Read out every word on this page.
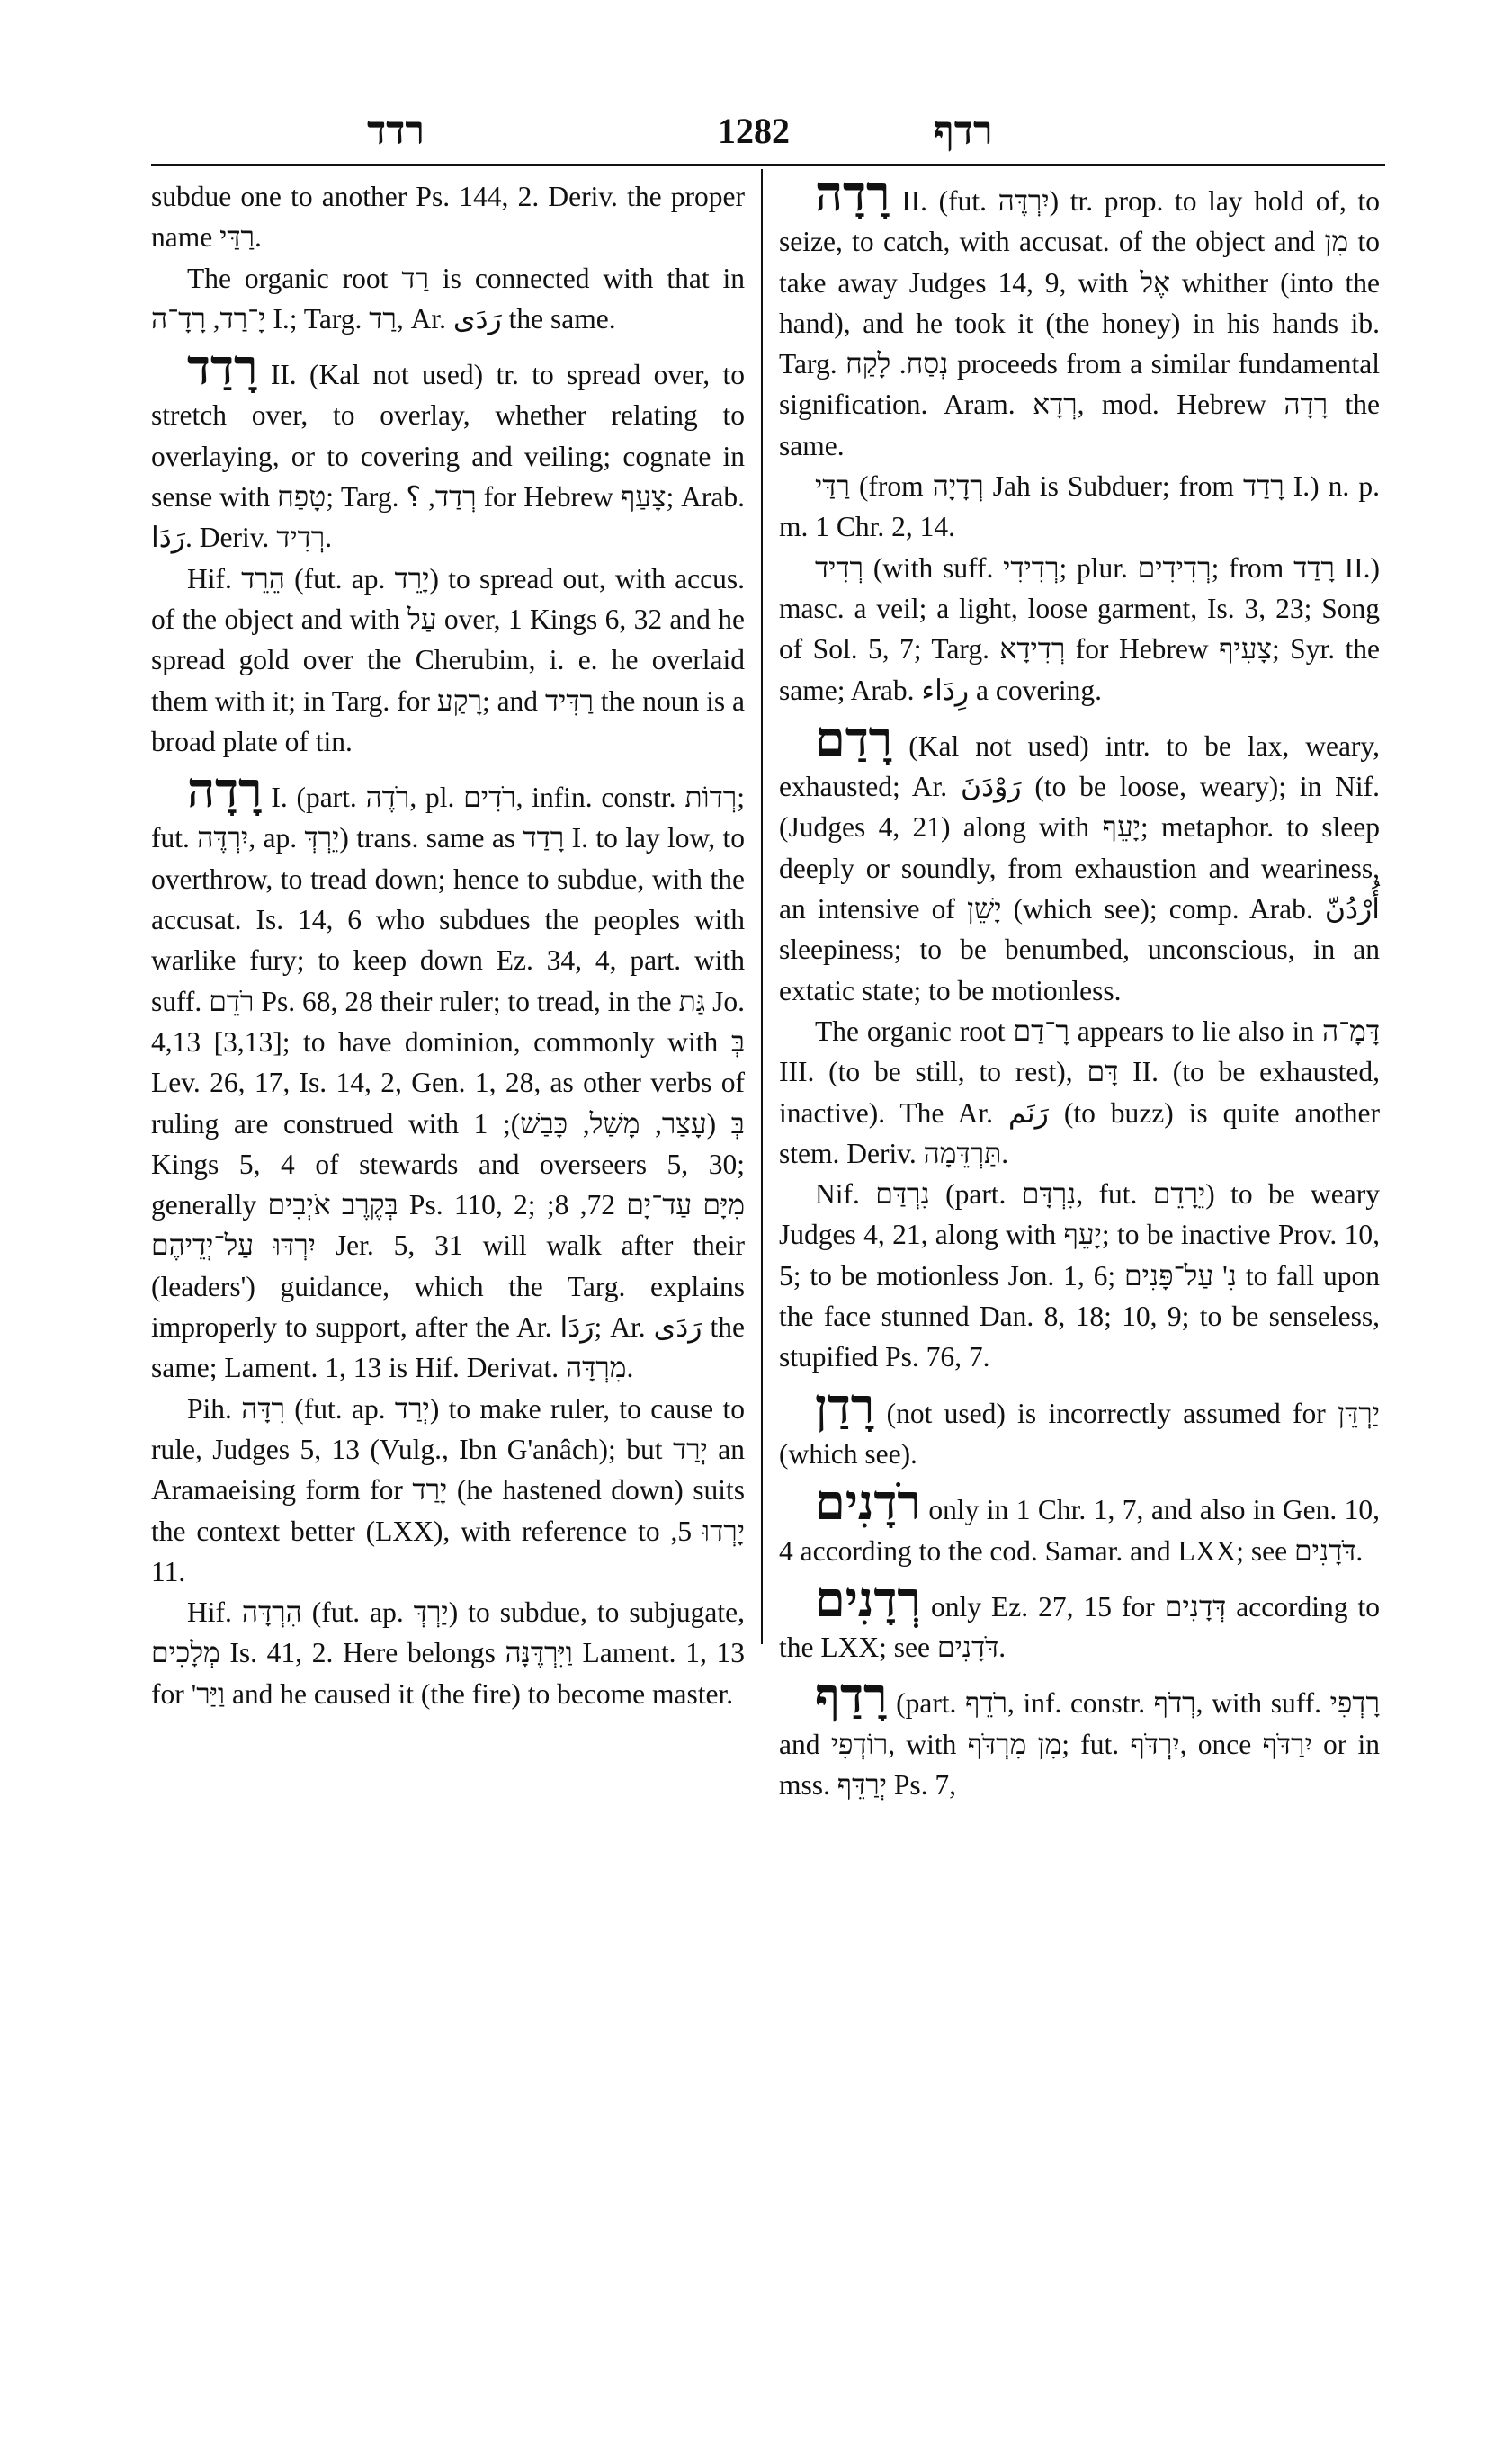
רדד	1282	רדף

subdue one to another Ps. 144, 2. Deriv. the proper name רַדַּי.

The organic root רַד is connected with that in יָ־רַד, רָדָ־ה I.; Targ. רַד, Ar. رَدَى the same.

רָדַד II. (Kal not used) tr. to spread over, to stretch over, to overlay, whether relating to overlaying, or to covering and veiling; cognate in sense with טָפַח; Targ. רְדַד, ؟ for Hebrew צָעַף; Arab. رَدَا. Deriv. רְדִיד.

Hif. הֵרֵד (fut. ap. יָרֵד) to spread out, with accus. of the object and with עַל over, 1 Kings 6, 32 and he spread gold over the Cherubim, i. e. he overlaid them with it; in Targ. for רָקַע; and רַדִּיד the noun is a broad plate of tin.

רָדָה I. (part. רֹדֶה, pl. רֹדִים, infin. constr. רְדוֹת; fut. יִרְדֶּה, ap. יֵרְדְּ) trans. same as רָדַד I. to lay low, to overthrow, to tread down; hence to subdue, with the accusat. Is. 14, 6 who subdues the peoples with warlike fury; to keep down Ez. 34, 4, part. with suff. רֹדֵם Ps. 68, 28 their ruler; to tread, in the גַּת Jo. 4,13 [3,13]; to have dominion, commonly with בְּ Lev. 26, 17, Is. 14, 2, Gen. 1, 28, as other verbs of ruling are construed with בְּ (עָצַר, מָשַׁל, כָּבַשׁ); 1 Kings 5, 4 of stewards and overseers 5, 30; generally בְּקֶרֶב אֹיְבִים Ps. 110, 2; מִיָּם עַד־יָם 72, 8; יִרְדּוּ עַל־יְדֵיהֶם Jer. 5, 31 will walk after their (leaders') guidance, which the Targ. explains improperly to support, after the Ar. رَدَا; Ar. رَدَى the same; Lament. 1, 13 is Hif. Derivat. מִרְדָּה.

Pih. רִדָּה (fut. ap. יְרַד) to make ruler, to cause to rule, Judges 5, 13 (Vulg., Ibn G'anâch); but יְרַד an Aramaeising form for יָרַד (he hastened down) suits the context better (LXX), with reference to יָרְדוּ 5, 11.

Hif. הִרְדָּה (fut. ap. יַרְדְּ) to subdue, to subjugate, מְלָכִים Is. 41, 2. Here belongs וַיִּרְדֶּנָּה Lament. 1, 13 for 'וַיַּר and he caused it (the fire) to become master.

רָדָה II. (fut. יִרְדֶּה) tr. prop. to lay hold of, to seize, to catch, with accusat. of the object and מִן to take away Judges 14, 9, with אֶל whither (into the hand), and he took it (the honey) in his hands ib. Targ. נְסַח. לָקַח proceeds from a similar fundamental signification. Aram. רְדָא, mod. Hebrew רָדָה the same.

רַדַּי (from רְדָיָה Jah is Subduer; from רָדַד I.) n. p. m. 1 Chr. 2, 14.

רְדִיד (with suff. רְדִידִי; plur. רְדִידִים; from רָדַד II.) masc. a veil; a light, loose garment, Is. 3, 23; Song of Sol. 5, 7; Targ. רְדִידָא for Hebrew צָעִיף; Syr. the same; Arab. رِدَاء a covering.

רָדַם (Kal not used) intr. to be lax, weary, exhausted; Ar. رَوْدَنَ (to be loose, weary); in Nif. (Judges 4, 21) along with יָעֵף; metaphor. to sleep deeply or soundly, from exhaustion and weariness, an intensive of יָשֵׁן (which see); comp. Arab. أُرْدُنّ sleepiness; to be benumbed, unconscious, in an extatic state; to be motionless.

The organic root רָ־דַם appears to lie also in דָּמָ־ה III. (to be still, to rest), דָּם II. (to be exhausted, inactive). The Ar. رَنَم (to buzz) is quite another stem. Deriv. תַּרְדֵּמָה.

Nif. נִרְדַּם (part. נִרְדָּם, fut. יֵרָדֵם) to be weary Judges 4, 21, along with יָעֵף; to be inactive Prov. 10, 5; to be motionless Jon. 1, 6; נִ' עַל־פָּנִים to fall upon the face stunned Dan. 8, 18; 10, 9; to be senseless, stupified Ps. 76, 7.

רָדַן (not used) is incorrectly assumed for יַרְדֵּן (which see).

רֹדָנִים only in 1 Chr. 1, 7, and also in Gen. 10, 4 according to the cod. Samar. and LXX; see דֹּדָנִים.

רְדָנִים only Ez. 27, 15 for דְּדָנִים according to the LXX; see דֹּדָנִים.

רָדַף (part. רֹדֵף, inf. constr. רְדֹף, with suff. רָדְפִי and רוֹדְפִי, with מִן מִרְדֹּף; fut. יִרְדֹּף, once יִרַדֹּף or in mss. יְרַדֵּף Ps. 7,
